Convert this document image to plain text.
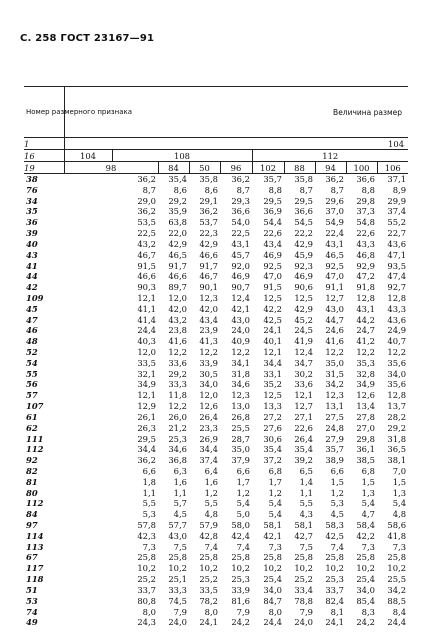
С. 258 ГОСТ 23167—91
Номер размерного признака		Величина размер								
1	104									
16	104	108				112				
19	98		84	50	96	102	88	94	100	106
38	36,2		35,4	35,8	36,2	35,7	35,8	36,2	36,6	37,1
76	8,7		8,6	8,6	8,7	8,8	8,7	8,7	8,8	8,9
34	29,0		29,2	29,1	29,3	29,5	29,5	29,6	29,8	29,9
35	36,2		35,9	36,2	36,6	36,9	36,6	37,0	37,3	37,4
36	53,5		63,8	53,7	54,0	54,4	54,5	54,9	54,8	55,2
39	22,5		22,0	22,3	22,5	22,6	22,2	22,4	22,6	22,7
40	43,2		42,9	42,9	43,1	43,4	42,9	43,1	43,3	43,6
43	46,7		46,5	46,6	45,7	46,9	45,9	46,5	46,8	47,1
41	91,5		91,7	91,7	92,0	92,5	92,3	92,5	92,9	93,5
44	46,6		46,6	46,7	46,9	47,0	46,9	47,0	47,2	47,4
42	90,3		89,7	90,1	90,7	91,5	90,6	91,1	91,8	92,7
109	12,1		12,0	12,3	12,4	12,5	12,5	12,7	12,8	12,8
45	41,1		42,0	42,0	42,1	42,2	42,9	43,0	43,1	43,3
47	41,4		43,2	43,4	43,0	42,5	45,2	44,7	44,2	43,6
46	24,4		23,8	23,9	24,0	24,1	24,5	24,6	24,7	24,9
48	40,3		41,6	41,3	40,9	40,1	41,9	41,6	41,2	40,7
52	12,0		12,2	12,2	12,2	12,1	12,4	12,2	12,2	12,2
54	33,5		33,6	33,9	34,1	34,4	34,7	35,0	35,3	35,6
55	32,1		29,2	30,5	31,8	33,1	30,2	31,5	32,8	34,0
56	34,9		33,3	34,0	34,6	35,2	33,6	34,2	34,9	35,6
57	12,1		11,8	12,0	12,3	12,5	12,1	12,3	12,6	12,8
107	12,9		12,2	12,6	13,0	13,3	12,7	13,1	13,4	13,7
61	26,1		26,0	26,4	26,8	27,2	27,1	27,5	27,8	28,2
62	26,3		21,2	23,3	25,5	27,6	22,6	24,8	27,0	29,2
111	29,5		25,3	26,9	28,7	30,6	26,4	27,9	29,8	31,8
112	34,4		34,6	34,4	35,0	35,4	35,4	35,7	36,1	36,5
92	36,2		36,8	37,4	37,9	37,2	39,2	38,9	38,5	38,1
82	6,6		6,3	6,4	6,6	6,8	6,5	6,6	6,8	7,0
81	1,8		1,6	1,6	1,7	1,7	1,4	1,5	1,5	1,5
80	1,1		1,1	1,2	1,2	1,2	1,1	1,2	1,3	1,3
112	5,5		5,7	5,5	5,4	5,4	5,5	5,3	5,4	5,4
84	5,3		4,5	4,8	5,0	5,4	4,3	4,5	4,7	4,8
97	57,8		57,7	57,9	58,0	58,1	58,1	58,3	58,4	58,6
114	42,3		43,0	42,8	42,4	42,1	42,7	42,5	42,2	41,8
113	7,3		7,5	7,4	7,4	7,3	7,5	7,4	7,3	7,3
67	25,8		25,8	25,8	25,8	25,8	25,8	25,8	25,8	25,8
117	10,2		10,2	10,2	10,2	10,2	10,2	10,2	10,2	10,2
118	25,2		25,1	25,2	25,3	25,4	25,2	25,3	25,4	25,5
51	33,7		33,3	33,5	33,9	34,0	33,4	33,7	34,0	34,2
53	80,8		74,5	78,2	81,6	84,7	78,8	82,4	85,4	88,5
74	8,0		7,9	8,0	7,9	8,0	7,9	8,1	8,3	8,4
49	24,3		24,0	24,1	24,2	24,4	24,0	24,1	24,2	24,4
